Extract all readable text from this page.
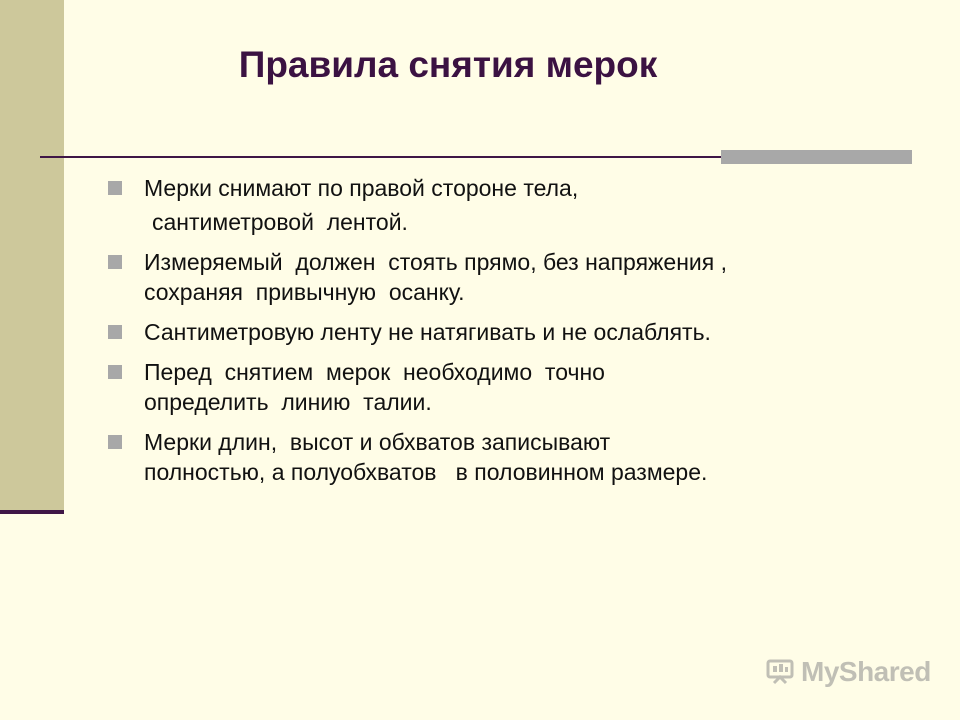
Правила снятия мерок
Мерки снимают по правой стороне тела,
сантиметровой  лентой.
Измеряемый  должен  стоять прямо, без напряжения ,
сохраняя  привычную  осанку.
Сантиметровую ленту не натягивать и не ослаблять.
Перед  снятием  мерок  необходимо  точно
определить  линию  талии.
Мерки длин,  высот и обхватов записывают
полностью, а полуобхватов   в половинном размере.
MyShared
